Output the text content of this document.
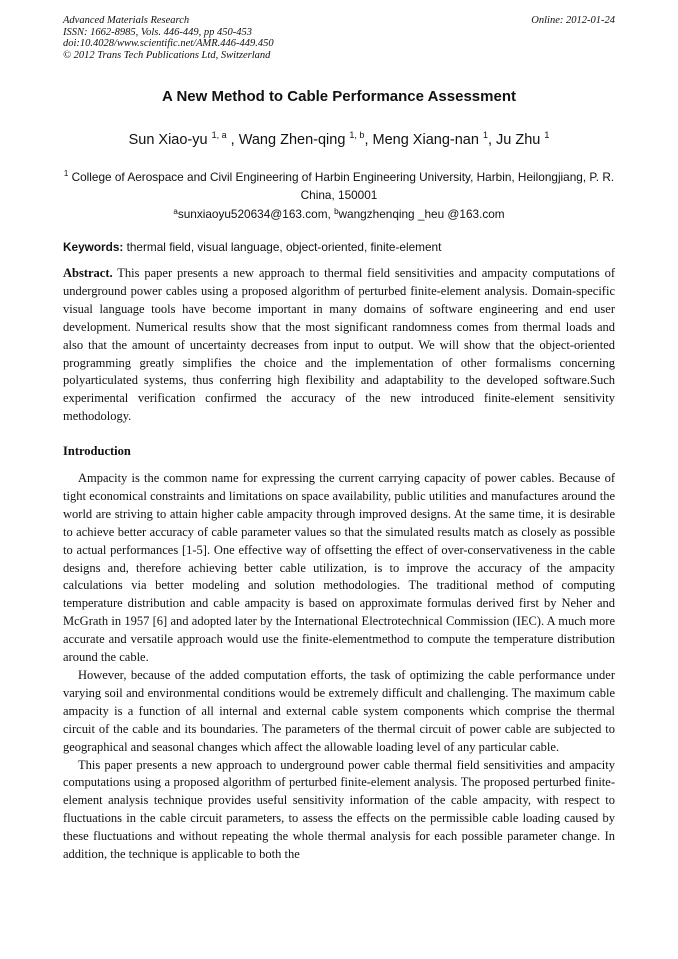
Advanced Materials Research
ISSN: 1662-8985, Vols. 446-449, pp 450-453
doi:10.4028/www.scientific.net/AMR.446-449.450
© 2012 Trans Tech Publications Ltd, Switzerland
Online: 2012-01-24
A New Method to Cable Performance Assessment
Sun Xiao-yu $^{1, a}$ , Wang Zhen-qing $^{1, b}$, Meng Xiang-nan $^1$, Ju Zhu $^1$
$^1$ College of Aerospace and Civil Engineering of Harbin Engineering University, Harbin, Heilongjiang, P. R. China, 150001
$^a$sunxiaoyu520634@163.com, $^b$wangzhenqing _heu @163.com
Keywords: thermal field, visual language, object-oriented, finite-element
Abstract. This paper presents a new approach to thermal field sensitivities and ampacity computations of underground power cables using a proposed algorithm of perturbed finite-element analysis. Domain-specific visual language tools have become important in many domains of software engineering and end user development. Numerical results show that the most significant randomness comes from thermal loads and also that the amount of uncertainty decreases from input to output. We will show that the object-oriented programming greatly simplifies the choice and the implementation of other formalisms concerning polyarticulated systems, thus conferring high flexibility and adaptability to the developed software.Such experimental verification confirmed the accuracy of the new introduced finite-element sensitivity methodology.
Introduction

Ampacity is the common name for expressing the current carrying capacity of power cables. Because of tight economical constraints and limitations on space availability, public utilities and manufactures around the world are striving to attain higher cable ampacity through improved designs. At the same time, it is desirable to achieve better accuracy of cable parameter values so that the simulated results match as closely as possible to actual performances [1-5]. One effective way of offsetting the effect of over-conservativeness in the cable designs and, therefore achieving better cable utilization, is to improve the accuracy of the ampacity calculations via better modeling and solution methodologies. The traditional method of computing temperature distribution and cable ampacity is based on approximate formulas derived first by Neher and McGrath in 1957 [6] and adopted later by the International Electrotechnical Commission (IEC). A much more accurate and versatile approach would use the finite-elementmethod to compute the temperature distribution around the cable.

However, because of the added computation efforts, the task of optimizing the cable performance under varying soil and environmental conditions would be extremely difficult and challenging. The maximum cable ampacity is a function of all internal and external cable system components which comprise the thermal circuit of the cable and its boundaries. The parameters of the thermal circuit of power cable are subjected to geographical and seasonal changes which affect the allowable loading level of any particular cable.

This paper presents a new approach to underground power cable thermal field sensitivities and ampacity computations using a proposed algorithm of perturbed finite-element analysis. The proposed perturbed finite-element analysis technique provides useful sensitivity information of the cable ampacity, with respect to fluctuations in the cable circuit parameters, to assess the effects on the permissible cable loading caused by these fluctuations and without repeating the whole thermal analysis for each possible parameter change. In addition, the technique is applicable to both the
